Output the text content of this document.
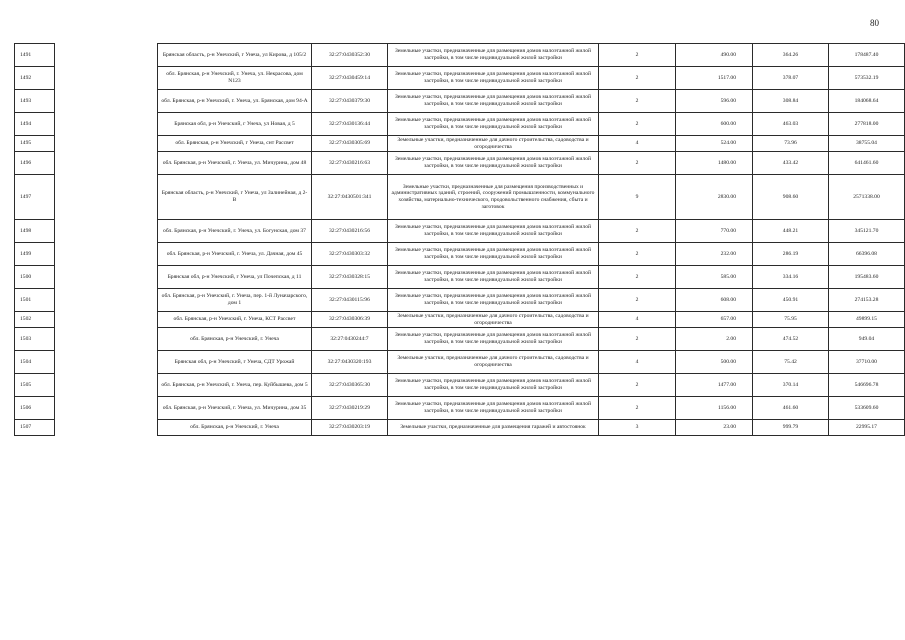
80
1491		Брянская область, р-н Унечский, г Унеча, ул Кирова, д 105/2	32:27:0430352:30	Земельные участки, предназначенные для размещения домов малоэтажной жилой застройки, в том числе индивидуальной жилой застройки	2	490.00	364.26	178487.40
1492		обл. Брянская, р-н Унечский, г. Унеча, ул. Некрасова, дом N123	32:27:0430459:14	Земельные участки, предназначенные для размещения домов малоэтажной жилой застройки, в том числе индивидуальной жилой застройки	2	1517.00	378.07	573532.19
1493		обл. Брянская, р-н Унечский, г. Унеча, ул. Брянская, дом 94-А	32:27:0430379:30	Земельные участки, предназначенные для размещения домов малоэтажной жилой застройки, в том числе индивидуальной жилой застройки	2	596.00	308.84	184068.64
1494		Брянская обл, р-н Унечский, г Унеча, ул Новая, д 5	32:27:0430136:44	Земельные участки, предназначенные для размещения домов малоэтажной жилой застройки, в том числе индивидуальной жилой застройки	2	600.00	463.03	277818.00
1495		обл. Брянская, р-н Унечский, г Унеча, снт Рассвет	32:27:0430305:69	Земельные участки, предназначенные для дачного строительства, садоводства и огородничества	4	524.00	73.96	38755.04
1496		обл. Брянская, р-н Унечский, г. Унеча, ул. Мичурина, дом 48	32:27:0430216:63	Земельные участки, предназначенные для размещения домов малоэтажной жилой застройки, в том числе индивидуальной жилой застройки	2	1480.00	433.42	641461.60
1497		Брянская область, р-н Унечский, г Унеча, ул Залинейная, д 2-В	32:27:0430501:341	Земельные участки, предназначенные для размещения производственных и административных зданий, строений, сооружений промышленности, коммунального хозяйства, материально-технического, продовольственного снабжения, сбыта и заготовок	9	2830.00	908.60	2571338.00
1498		обл. Брянская, р-н Унечский, г. Унеча, ул. Богунская, дом 37	32:27:0430216:56	Земельные участки, предназначенные для размещения домов малоэтажной жилой застройки, в том числе индивидуальной жилой застройки	2	770.00	448.21	345121.70
1499		обл. Брянская, р-н Унечский, г. Унеча, ул. Дачная, дом 45	32:27:0430303:32	Земельные участки, предназначенные для размещения домов малоэтажной жилой застройки, в том числе индивидуальной жилой застройки	2	232.00	286.19	66396.08
1500		Брянская обл, р-н Унечский, г Унеча, ул Почепская, д 11	32:27:0430328:15	Земельные участки, предназначенные для размещения домов малоэтажной жилой застройки, в том числе индивидуальной жилой застройки	2	585.00	334.16	195483.60
1501		обл. Брянская, р-н Унечский, г. Унеча, пер. 1-й Луначарского, дом 1	32:27:0430115:96	Земельные участки, предназначенные для размещения домов малоэтажной жилой застройки, в том числе индивидуальной жилой застройки	2	608.00	450.91	274153.28
1502		обл. Брянская, р-н Унечский, г. Унеча, КСТ Рассвет	32:27:0430306:39	Земельные участки, предназначенные для дачного строительства, садоводства и огородничества	4	657.00	75.95	49899.15
1503		обл. Брянская, р-н Унечский, г. Унеча	32:27:0430244:7	Земельные участки, предназначенные для размещения домов малоэтажной жилой застройки, в том числе индивидуальной жилой застройки	2	2.00	474.52	949.04
1504		Брянская обл, р-н Унечский, г Унеча, СДТ Урожай	32:27:0430320:193	Земельные участки, предназначенные для дачного строительства, садоводства и огородничества	4	500.00	75.42	37710.00
1505		обл. Брянская, р-н Унечский, г. Унеча, пер. Куйбышева, дом 5	32:27:0430365:30	Земельные участки, предназначенные для размещения домов малоэтажной жилой застройки, в том числе индивидуальной жилой застройки	2	1477.00	370.14	546696.78
1506		обл. Брянская, р-н Унечский, г. Унеча, ул. Мичурина, дом 35	32:27:0430219:29	Земельные участки, предназначенные для размещения домов малоэтажной жилой застройки, в том числе индивидуальной жилой застройки	2	1156.00	461.60	533609.60
1507		обл. Брянская, р-н Унечский, г. Унеча	32:27:0430203:19	Земельные участки, предназначенные для размещения гаражей и автостоянок	3	23.00	999.79	22995.17
